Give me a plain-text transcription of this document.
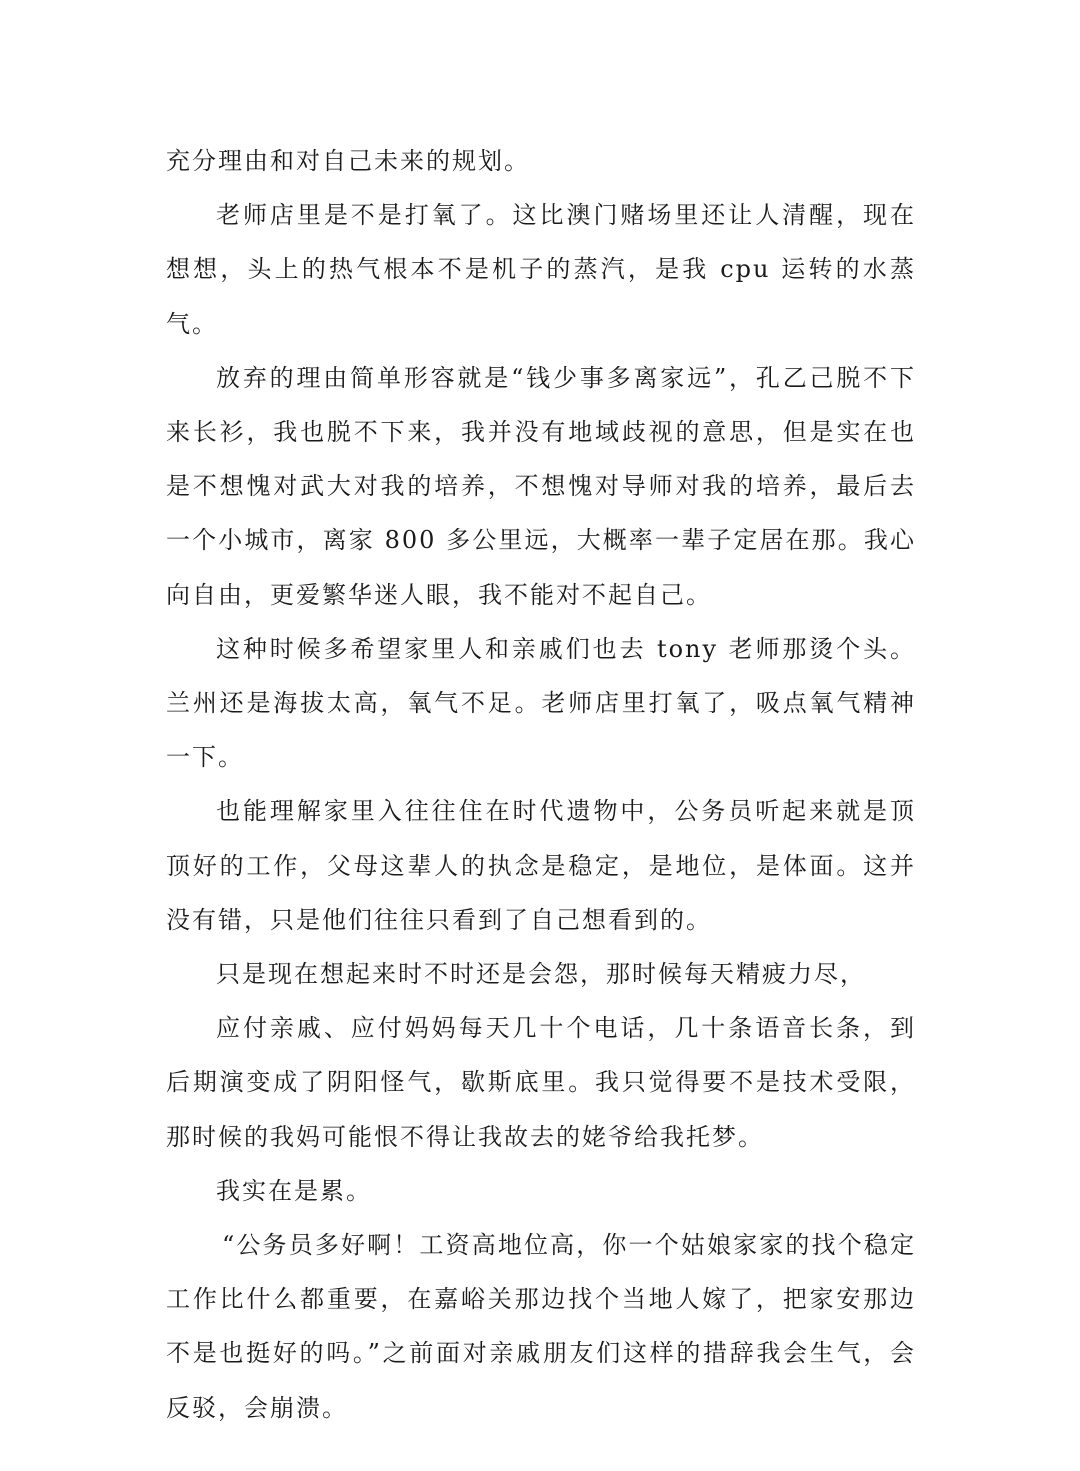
充分理由和对自己未来的规划。

老师店里是不是打氧了。这比澳门赌场里还让人清醒，现在想想，头上的热气根本不是机子的蒸汽，是我 cpu 运转的水蒸气。

放弃的理由简单形容就是“钱少事多离家远”，孔乙己脱不下来长衫，我也脱不下来，我并没有地域歧视的意思，但是实在也是不想愧对武大对我的培养，不想愧对导师对我的培养，最后去一个小城市，离家 800 多公里远，大概率一辈子定居在那。我心向自由，更爱繁华迷人眼，我不能对不起自己。

这种时候多希望家里人和亲戚们也去 tony 老师那烫个头。兰州还是海拔太高，氧气不足。老师店里打氧了，吸点氧气精神一下。

也能理解家里入往往住在时代遗物中，公务员听起来就是顶顶好的工作，父母这辈人的执念是稳定，是地位，是体面。这并没有错，只是他们往往只看到了自己想看到的。

只是现在想起来时不时还是会怨，那时候每天精疲力尽，

应付亲戚、应付妈妈每天几十个电话，几十条语音长条，到后期演变成了阴阳怪气，歇斯底里。我只觉得要不是技术受限，那时候的我妈可能恨不得让我故去的姥爷给我托梦。

我实在是累。

“公务员多好啊！工资高地位高，你一个姑娘家家的找个稳定工作比什么都重要，在嘉峪关那边找个当地人嫁了，把家安那边不是也挺好的吗。”之前面对亲戚朋友们这样的措辞我会生气，会反驳，会崩溃。
